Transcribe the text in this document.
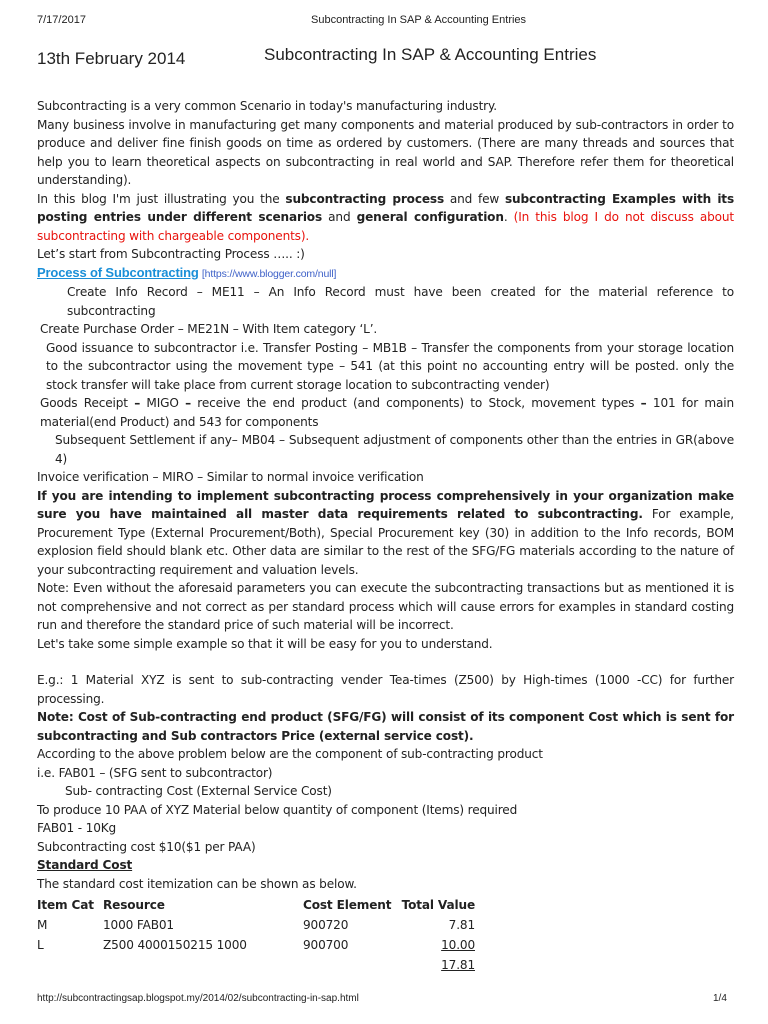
7/17/2017	Subcontracting In SAP & Accounting Entries
13th February 2014	Subcontracting In SAP & Accounting Entries

Subcontracting is a very common Scenario in today's manufacturing industry.

Many business involve in manufacturing get many components and material produced by sub-contractors in order to produce and deliver fine finish goods on time as ordered by customers. (There are many threads and sources that help you to learn theoretical aspects on subcontracting in real world and SAP. Therefore refer them for theoretical understanding).

In this blog I'm just illustrating you the subcontracting process and few subcontracting Examples with its posting entries under different scenarios and general configuration. (In this blog I do not discuss about subcontracting with chargeable components).

Let’s start from Subcontracting Process ….. :)

Process of Subcontracting [https://www.blogger.com/null]

Create Info Record – ME11 – An Info Record must have been created for the material reference to subcontracting

Create Purchase Order – ME21N – With Item category ‘L’.

Good issuance to subcontractor i.e. Transfer Posting – MB1B – Transfer the components from your storage location to the subcontractor using the movement type – 541 (at this point no accounting entry will be posted. only the stock transfer will take place from current storage location to subcontracting vender)

Goods Receipt – MIGO – receive the end product (and components) to Stock, movement types – 101 for main material(end Product) and 543 for components

Subsequent Settlement if any– MB04 – Subsequent adjustment of components other than the entries in GR(above 4)

Invoice verification – MIRO – Similar to normal invoice verification

If you are intending to implement subcontracting process comprehensively in your organization make sure you have maintained all master data requirements related to subcontracting. For example, Procurement Type (External Procurement/Both), Special Procurement key (30) in addition to the Info records, BOM explosion field should blank etc. Other data are similar to the rest of the SFG/FG materials according to the nature of your subcontracting requirement and valuation levels.

Note: Even without the aforesaid parameters you can execute the subcontracting transactions but as mentioned it is not comprehensive and not correct as per standard process which will cause errors for examples in standard costing run and therefore the standard price of such material will be incorrect.

Let's take some simple example so that it will be easy for you to understand.

E.g.: 1 Material XYZ is sent to sub-contracting vender Tea-times (Z500) by High-times (1000 -CC) for further processing.

Note: Cost of Sub-contracting end product (SFG/FG) will consist of its component Cost which is sent for subcontracting and Sub contractors Price (external service cost).

According to the above problem below are the component of sub-contracting product

i.e. FAB01 – (SFG sent to subcontractor)

Sub- contracting Cost (External Service Cost)

To produce 10 PAA of XYZ Material below quantity of component (Items) required

FAB01 - 10Kg

Subcontracting cost $10($1 per PAA)

Standard Cost

The standard cost itemization can be shown as below.

Item Cat	Resource	Cost Element	Total Value
M	1000 FAB01	900720	7.81
L	Z500 4000150215 1000	900700	10.00
			17.81
http://subcontractingsap.blogspot.my/2014/02/subcontracting-in-sap.html	1/4
